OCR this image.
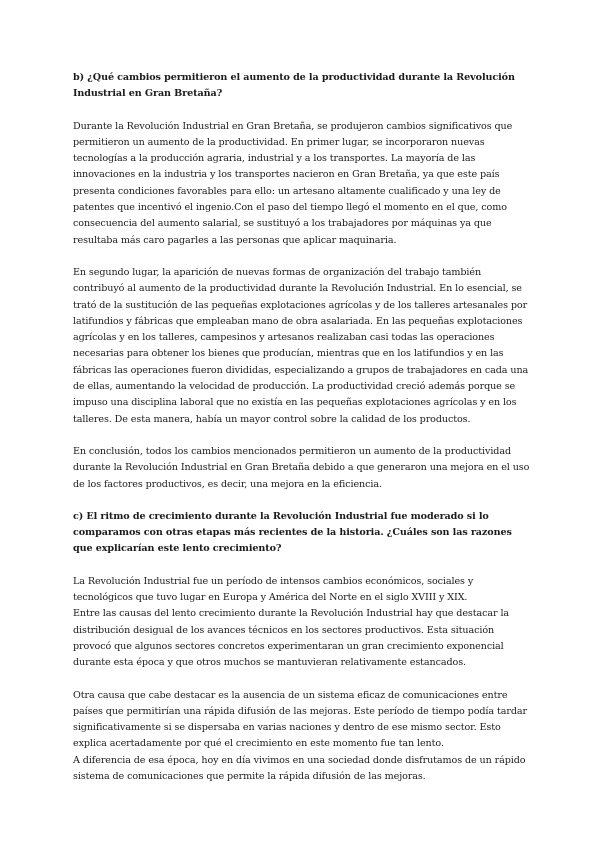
b) ¿Qué cambios permitieron el aumento de la productividad durante la Revolución Industrial en Gran Bretaña?

Durante la Revolución Industrial en Gran Bretaña, se produjeron cambios significativos que permitieron un aumento de la productividad. En primer lugar, se incorporaron nuevas tecnologías a la producción agraria, industrial y a los transportes. La mayoría de las innovaciones en la industria y los transportes nacieron en Gran Bretaña, ya que este país presenta condiciones favorables para ello: un artesano altamente cualificado y una ley de patentes que incentivó el ingenio.Con el paso del tiempo llegó el momento en el que, como consecuencia del aumento salarial, se sustituyó a los trabajadores por máquinas ya que resultaba más caro pagarles a las personas que aplicar maquinaria.

En segundo lugar, la aparición de nuevas formas de organización del trabajo también contribuyó al aumento de la productividad durante la Revolución Industrial. En lo esencial, se trató de la sustitución de las pequeñas explotaciones agrícolas y de los talleres artesanales por latifundios y fábricas que empleaban mano de obra asalariada. En las pequeñas explotaciones agrícolas y en los talleres, campesinos y artesanos realizaban casi todas las operaciones necesarias para obtener los bienes que producían, mientras que en los latifundios y en las fábricas las operaciones fueron divididas, especializando a grupos de trabajadores en cada una de ellas, aumentando la velocidad de producción. La productividad creció además porque se impuso una disciplina laboral que no existía en las pequeñas explotaciones agrícolas y en los talleres. De esta manera, había un mayor control sobre la calidad de los productos.

En conclusión, todos los cambios mencionados permitieron un aumento de la productividad durante la Revolución Industrial en Gran Bretaña debido a que generaron una mejora en el uso de los factores productivos, es decir, una mejora en la eficiencia.

c) El ritmo de crecimiento durante la Revolución Industrial fue moderado si lo comparamos con otras etapas más recientes de la historia. ¿Cuáles son las razones que explicarían este lento crecimiento?

La Revolución Industrial fue un período de intensos cambios económicos, sociales y tecnológicos que tuvo lugar en Europa y América del Norte en el siglo XVIII y XIX.

Entre las causas del lento crecimiento durante la Revolución Industrial hay que destacar la distribución desigual de los avances técnicos en los sectores productivos. Esta situación provocó que algunos sectores concretos experimentaran un gran crecimiento exponencial durante esta época y que otros muchos se mantuvieran relativamente estancados.

Otra causa que cabe destacar es la ausencia de un sistema eficaz de comunicaciones entre países que permitirían una rápida difusión de las mejoras. Este período de tiempo podía tardar significativamente si se dispersaba en varias naciones y dentro de ese mismo sector. Esto explica acertadamente por qué el crecimiento en este momento fue tan lento.

A diferencia de esa época, hoy en día vivimos en una sociedad donde disfrutamos de un rápido sistema de comunicaciones que permite la rápida difusión de las mejoras.
